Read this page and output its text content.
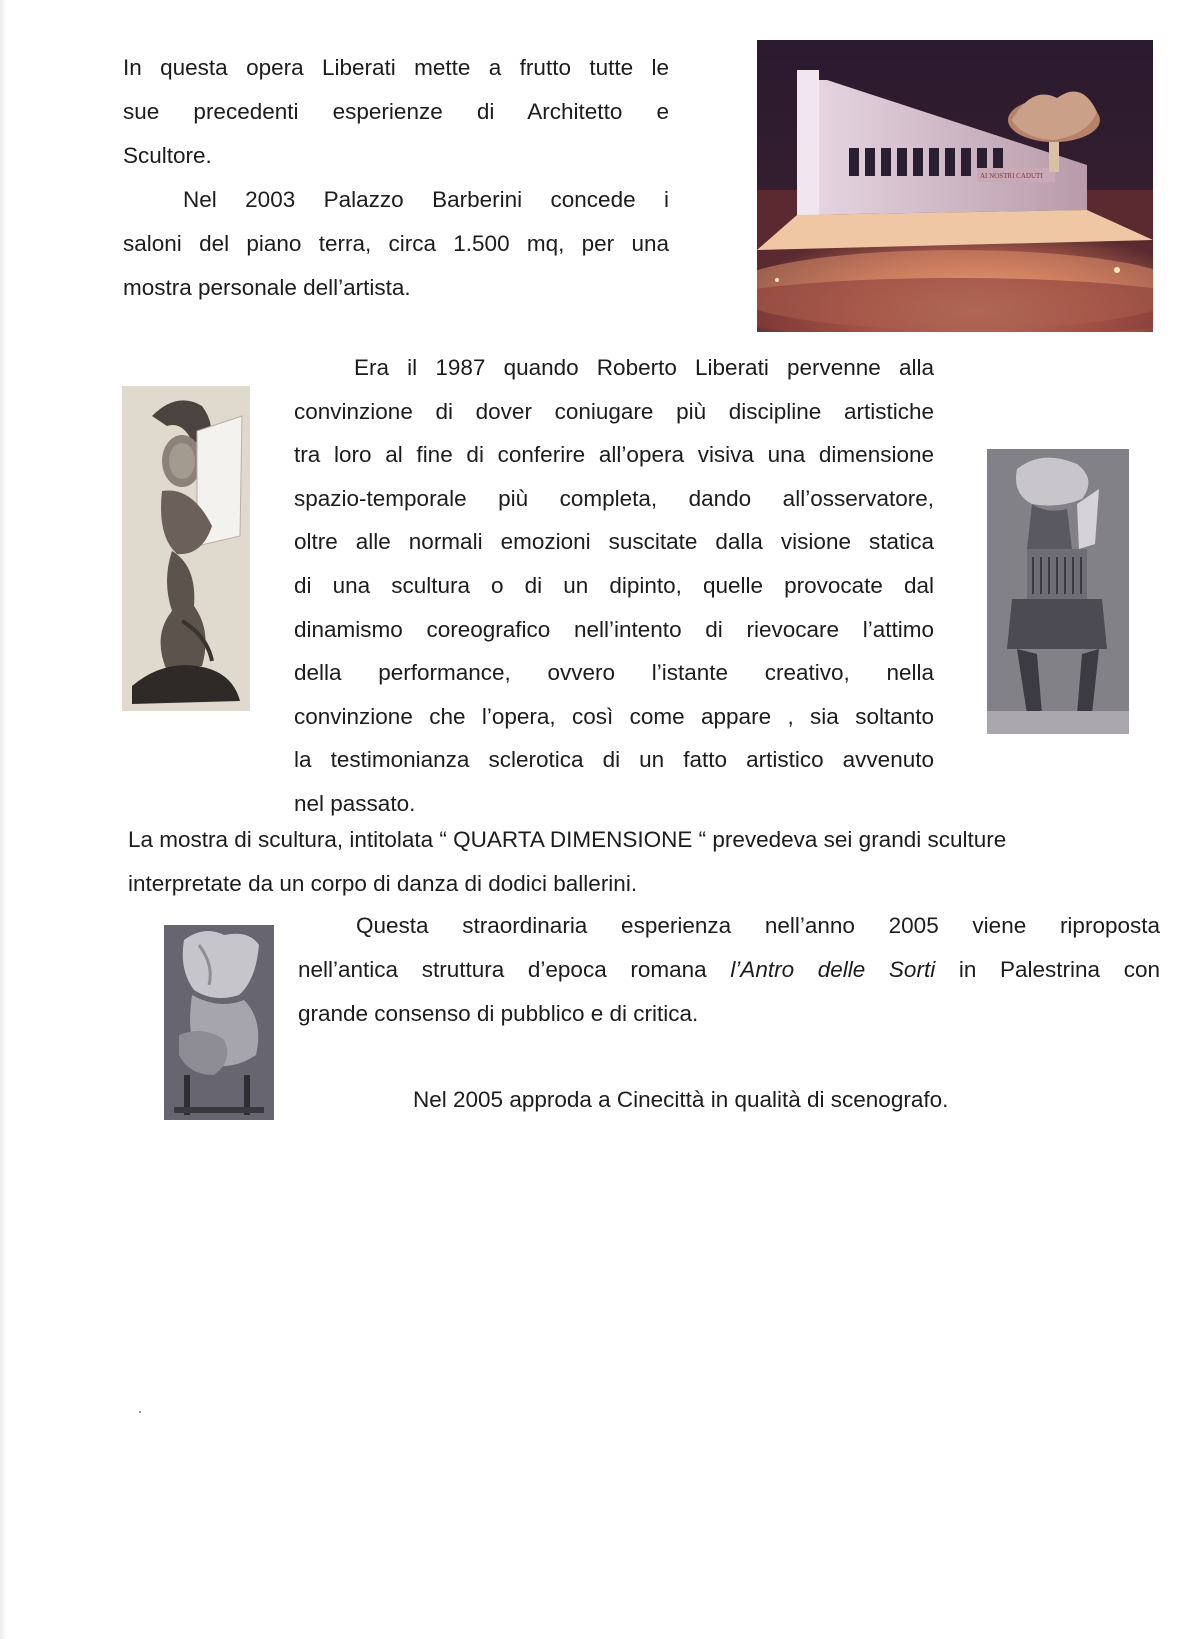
In questa opera Liberati mette a frutto tutte le
sue precedenti esperienze di Architetto e
Scultore.

Nel 2003 Palazzo Barberini concede i
saloni del piano terra, circa 1.500 mq, per una
mostra personale dell’artista.

AI NOSTRI CADUTI

Era il 1987 quando Roberto Liberati pervenne alla
convinzione di dover coniugare più discipline artistiche
tra loro al fine di conferire all’opera visiva una dimensione
spazio-temporale più completa, dando all’osservatore,
oltre alle normali emozioni suscitate dalla visione statica
di una scultura o di un dipinto, quelle provocate dal
dinamismo coreografico nell’intento di rievocare l’attimo
della performance, ovvero l’istante creativo, nella
convinzione che l’opera, così come appare , sia soltanto
la testimonianza sclerotica di un fatto artistico avvenuto
nel passato.

La mostra di scultura, intitolata “ QUARTA DIMENSIONE “ prevedeva sei grandi sculture
interpretate da un corpo di danza di dodici ballerini.

Questa straordinaria esperienza nell’anno 2005 viene riproposta
nell’antica struttura d’epoca romana l’Antro delle Sorti in Palestrina con
grande consenso di pubblico e di critica.

Nel 2005 approda a Cinecittà in qualità di scenografo.
